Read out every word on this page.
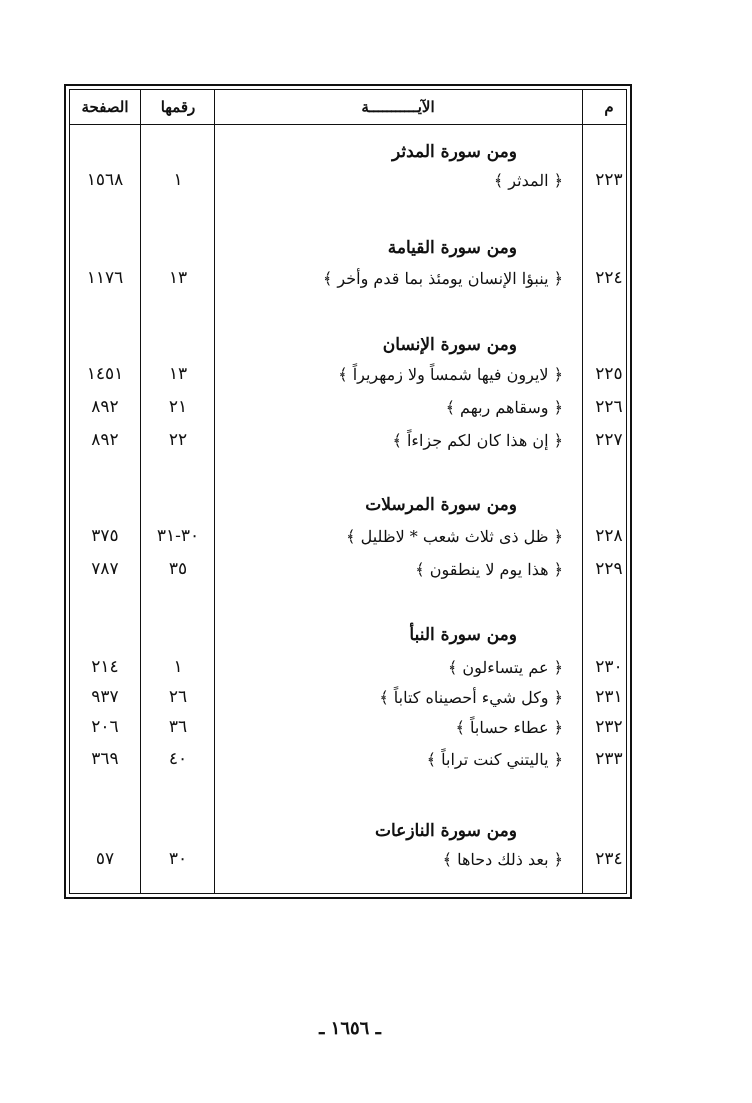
م
الآيـــــــــــة
رقمها
الصفحة
ومن سورة المدثر
٢٢٣
﴿ المدثر ﴾
١
١٥٦٨
ومن سورة القيامة
٢٢٤
﴿ ينبؤا الإنسان يومئذ بما قدم وأخر ﴾
١٣
١١٧٦
ومن سورة الإنسان
٢٢٥
﴿ لايرون فيها شمساً ولا زمهريراً ﴾
١٣
١٤٥١
٢٢٦
﴿ وسقاهم ربهم ﴾
٢١
٨٩٢
٢٢٧
﴿ إن هذا كان لكم جزاءاً ﴾
٢٢
٨٩٢
ومن سورة المرسلات
٢٢٨
﴿ ظل ذى ثلاث شعب * لاظليل ﴾
٣٠-٣١
٣٧٥
٢٢٩
﴿ هذا يوم لا ينطقون ﴾
٣٥
٧٨٧
ومن سورة النبأ
٢٣٠
﴿ عم يتساءلون ﴾
١
٢١٤
٢٣١
﴿ وكل شيء أحصيناه كتاباً ﴾
٢٦
٩٣٧
٢٣٢
﴿ عطاء حساباً ﴾
٣٦
٢٠٦
٢٣٣
﴿ ياليتني كنت تراباً ﴾
٤٠
٣٦٩
ومن سورة النازعات
٢٣٤
﴿ بعد ذلك دحاها ﴾
٣٠
٥٧
ـ ١٦٥٦ ـ
